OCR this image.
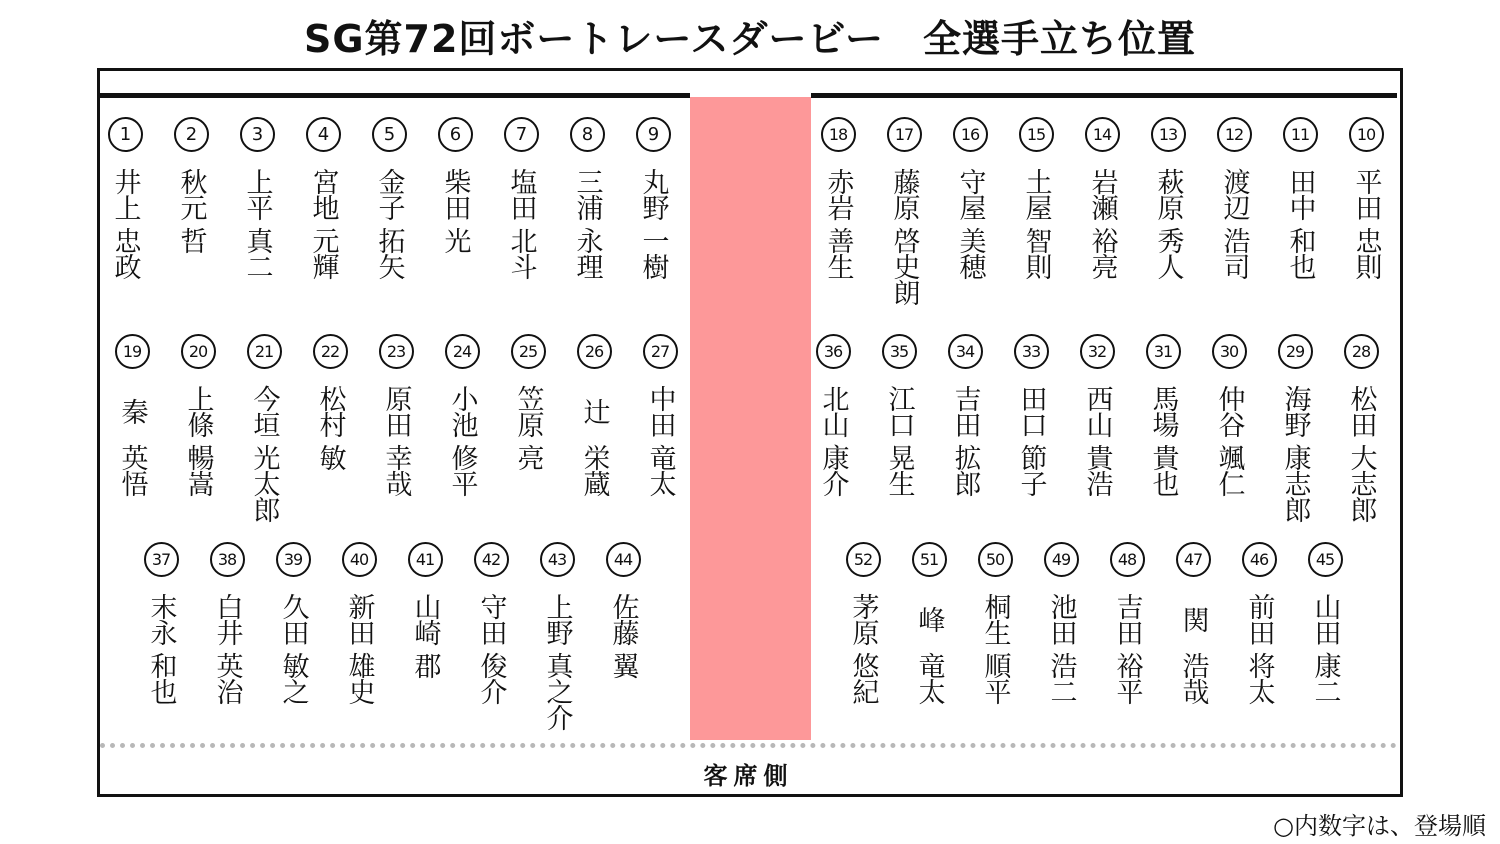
SG第72回ボートレースダービー　全選手立ち位置
客席側
○内数字は、登場順
1
井上
忠政
2
秋元
哲
3
上平
真二
4
宮地
元輝
5
金子
拓矢
6
柴田
光
7
塩田
北斗
8
三浦
永理
9
丸野
一樹
18
赤岩
善生
17
藤原
啓史朗
16
守屋
美穂
15
土屋
智則
14
岩瀬
裕亮
13
萩原
秀人
12
渡辺
浩司
11
田中
和也
10
平田
忠則
19
秦
英悟
20
上條
暢嵩
21
今垣
光太郎
22
松村
敏
23
原田
幸哉
24
小池
修平
25
笠原
亮
26
辻
栄蔵
27
中田
竜太
36
北山
康介
35
江口
晃生
34
吉田
拡郎
33
田口
節子
32
西山
貴浩
31
馬場
貴也
30
仲谷
颯仁
29
海野
康志郎
28
松田
大志郎
37
末永
和也
38
白井
英治
39
久田
敏之
40
新田
雄史
41
山崎
郡
42
守田
俊介
43
上野
真之介
44
佐藤
翼
52
茅原
悠紀
51
峰
竜太
50
桐生
順平
49
池田
浩二
48
吉田
裕平
47
関
浩哉
46
前田
将太
45
山田
康二
